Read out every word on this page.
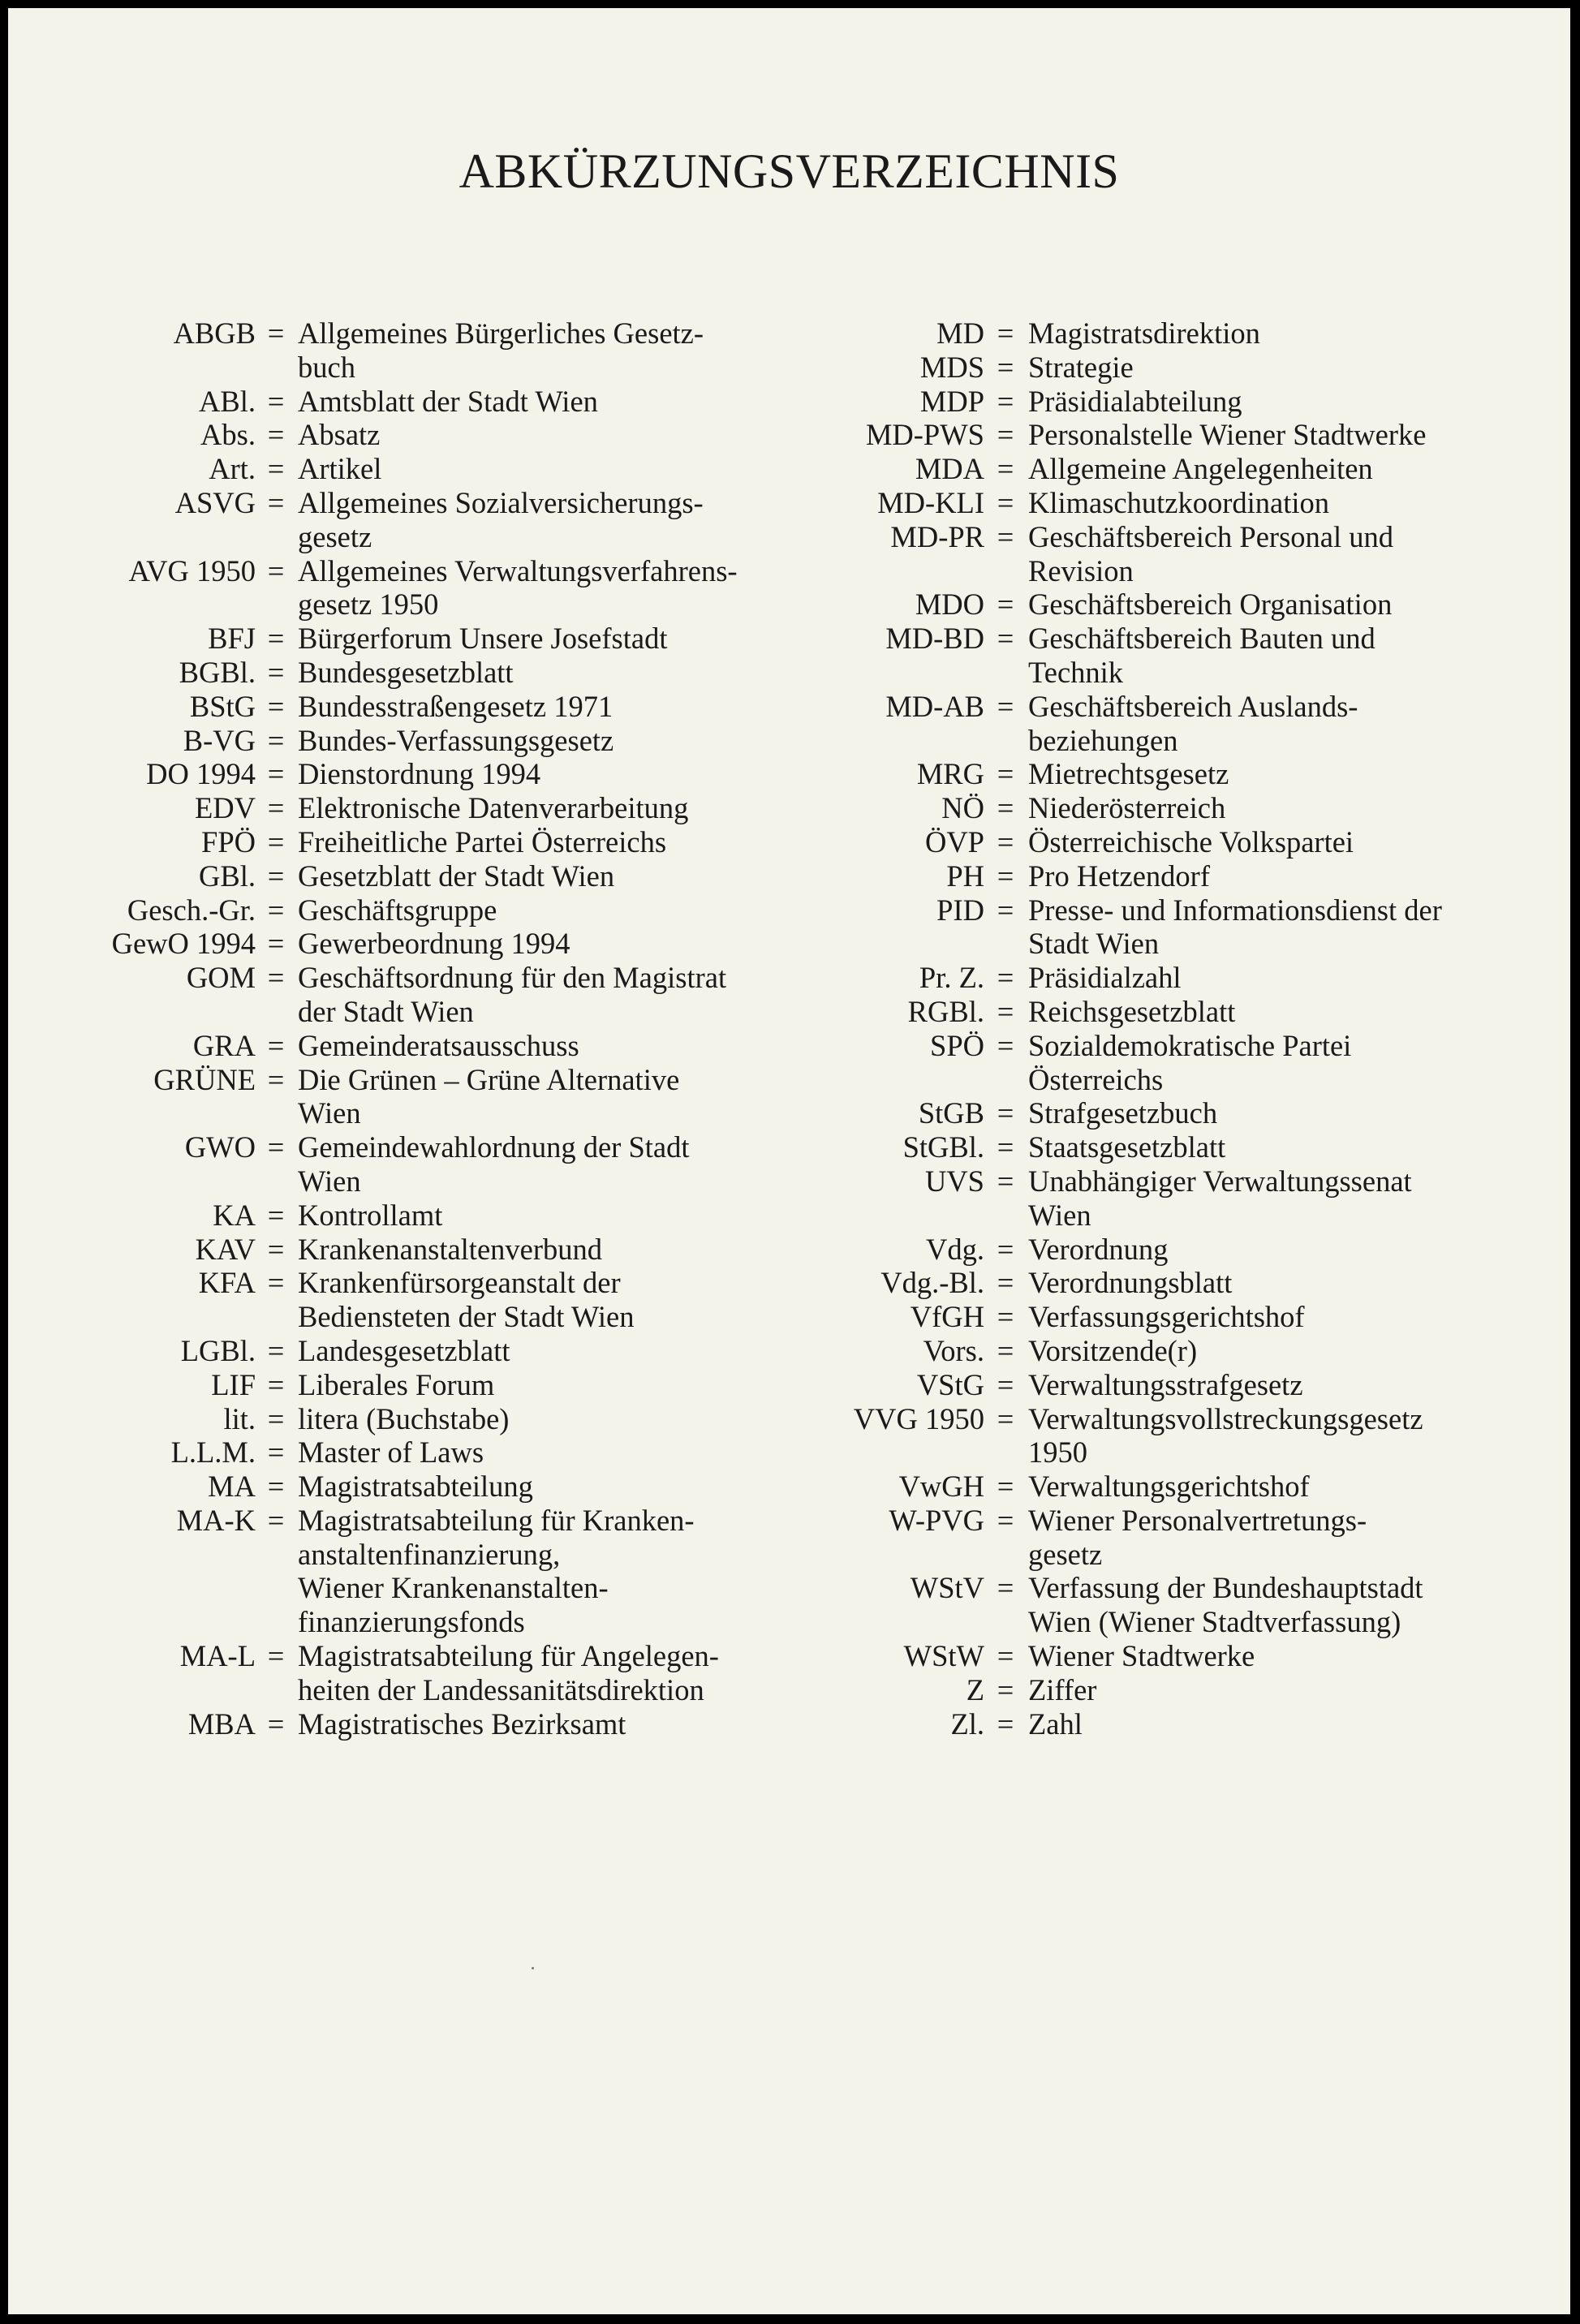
ABKÜRZUNGSVERZEICHNIS
ABGB = Allgemeines Bürgerliches Gesetz-
buch
ABl. = Amtsblatt der Stadt Wien
Abs. = Absatz
Art. = Artikel
ASVG = Allgemeines Sozialversicherungs-
gesetz
AVG 1950 = Allgemeines Verwaltungsverfahrens-
gesetz 1950
BFJ = Bürgerforum Unsere Josefstadt
BGBl. = Bundesgesetzblatt
BStG = Bundesstraßengesetz 1971
B-VG = Bundes-Verfassungsgesetz
DO 1994 = Dienstordnung 1994
EDV = Elektronische Datenverarbeitung
FPÖ = Freiheitliche Partei Österreichs
GBl. = Gesetzblatt der Stadt Wien
Gesch.-Gr. = Geschäftsgruppe
GewO 1994 = Gewerbeordnung 1994
GOM = Geschäftsordnung für den Magistrat
der Stadt Wien
GRA = Gemeinderatsausschuss
GRÜNE = Die Grünen – Grüne Alternative
Wien
GWO = Gemeindewahlordnung der Stadt
Wien
KA = Kontrollamt
KAV = Krankenanstaltenverbund
KFA = Krankenfürsorgeanstalt der
Bediensteten der Stadt Wien
LGBl. = Landesgesetzblatt
LIF = Liberales Forum
lit. = litera (Buchstabe)
L.L.M. = Master of Laws
MA = Magistratsabteilung
MA-K = Magistratsabteilung für Kranken-
anstaltenfinanzierung,
Wiener Krankenanstalten-
finanzierungsfonds
MA-L = Magistratsabteilung für Angelegen-
heiten der Landessanitätsdirektion
MBA = Magistratisches Bezirksamt
MD = Magistratsdirektion
MDS = Strategie
MDP = Präsidialabteilung
MD-PWS = Personalstelle Wiener Stadtwerke
MDA = Allgemeine Angelegenheiten
MD-KLI = Klimaschutzkoordination
MD-PR = Geschäftsbereich Personal und
Revision
MDO = Geschäftsbereich Organisation
MD-BD = Geschäftsbereich Bauten und
Technik
MD-AB = Geschäftsbereich Auslands-
beziehungen
MRG = Mietrechtsgesetz
NÖ = Niederösterreich
ÖVP = Österreichische Volkspartei
PH = Pro Hetzendorf
PID = Presse- und Informationsdienst der
Stadt Wien
Pr. Z. = Präsidialzahl
RGBl. = Reichsgesetzblatt
SPÖ = Sozialdemokratische Partei
Österreichs
StGB = Strafgesetzbuch
StGBl. = Staatsgesetzblatt
UVS = Unabhängiger Verwaltungssenat
Wien
Vdg. = Verordnung
Vdg.-Bl. = Verordnungsblatt
VfGH = Verfassungsgerichtshof
Vors. = Vorsitzende(r)
VStG = Verwaltungsstrafgesetz
VVG 1950 = Verwaltungsvollstreckungsgesetz
1950
VwGH = Verwaltungsgerichtshof
W-PVG = Wiener Personalvertretungs-
gesetz
WStV = Verfassung der Bundeshauptstadt
Wien (Wiener Stadtverfassung)
WStW = Wiener Stadtwerke
Z = Ziffer
Zl. = Zahl
